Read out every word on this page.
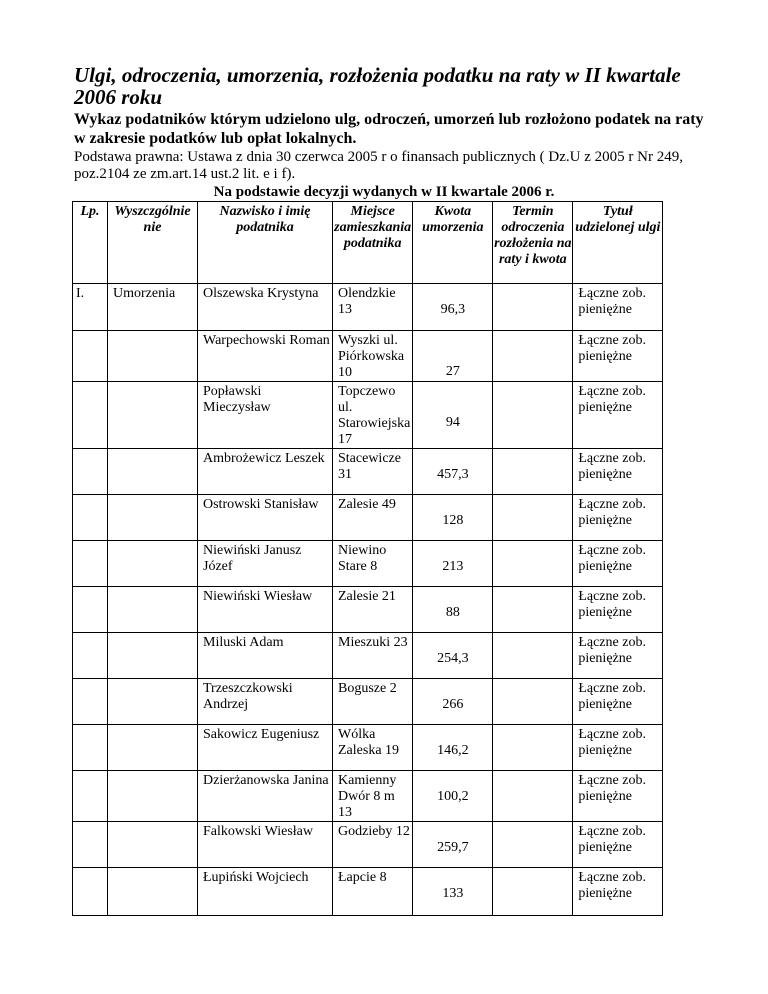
Ulgi, odroczenia, umorzenia, rozłożenia podatku na raty w II kwartale 2006 roku

Wykaz podatników którym udzielono ulg, odroczeń, umorzeń lub rozłożono podatek na raty w zakresie podatków lub opłat lokalnych.

Podstawa prawna: Ustawa z dnia 30 czerwca 2005 r o finansach publicznych ( Dz.U z 2005 r Nr 249, poz.2104 ze zm.art.14 ust.2 lit. e i f).

Na podstawie decyzji wydanych w II kwartale 2006 r.

Lp.	Wyszczgólnie nie	Nazwisko i imię podatnika	Miejsce zamieszkania podatnika	Kwota umorzenia	Termin odroczenia rozłożenia na raty i kwota	Tytuł udzielonej ulgi
I.	Umorzenia	Olszewska Krystyna	Olendzkie 13	96,3		Łączne zob. pieniężne
		Warpechowski Roman	Wyszki ul. Piórkowska 10	27		Łączne zob. pieniężne
		Popławski Mieczysław	Topczewo ul. Starowiejska 17	94		Łączne zob. pieniężne
		Ambrożewicz Leszek	Stacewicze 31	457,3		Łączne zob. pieniężne
		Ostrowski Stanisław	Zalesie 49	128		Łączne zob. pieniężne
		Niewiński Janusz Józef	Niewino Stare 8	213		Łączne zob. pieniężne
		Niewiński Wiesław	Zalesie 21	88		Łączne zob. pieniężne
		Miluski Adam	Mieszuki 23	254,3		Łączne zob. pieniężne
		Trzeszczkowski Andrzej	Bogusze 2	266		Łączne zob. pieniężne
		Sakowicz Eugeniusz	Wólka Zaleska 19	146,2		Łączne zob. pieniężne
		Dzierżanowska Janina	Kamienny Dwór 8 m 13	100,2		Łączne zob. pieniężne
		Falkowski Wiesław	Godzieby 12	259,7		Łączne zob. pieniężne
		Łupiński Wojciech	Łapcie 8	133		Łączne zob. pieniężne
